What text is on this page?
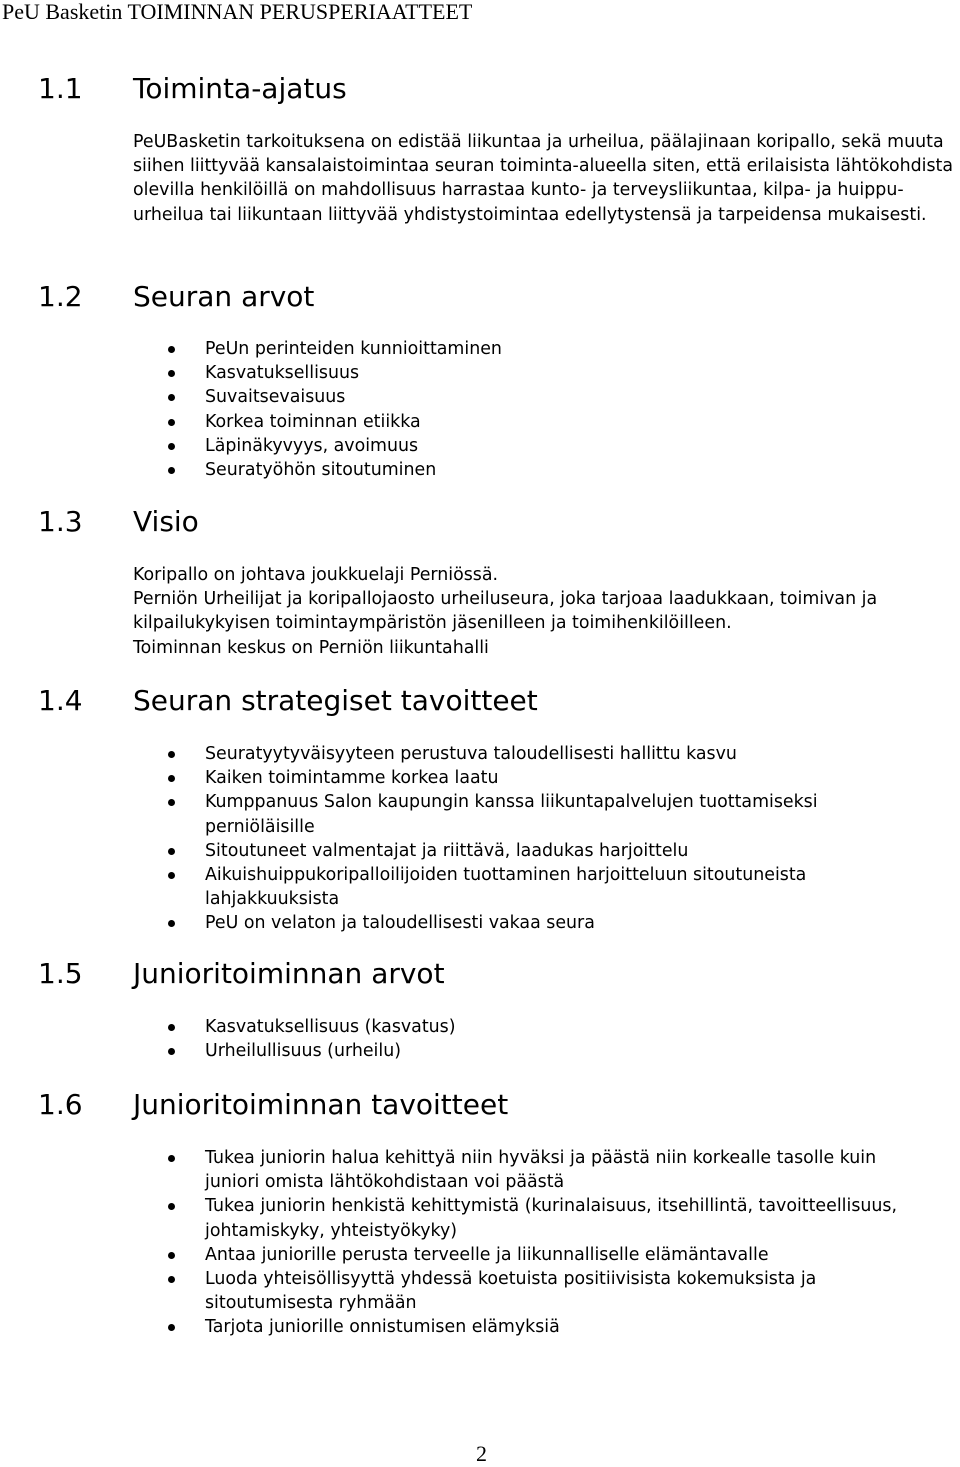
PeU Basketin TOIMINNAN PERUSPERIAATTEET
1.1 Toiminta-ajatus

PeUBasketin tarkoituksena on edistää liikuntaa ja urheilua, päälajinaan koripallo, sekä muuta siihen liittyvää kansalaistoimintaa seuran toiminta-alueella siten, että erilaisista lähtökohdista olevilla henkilöillä on mahdollisuus harrastaa kunto- ja terveysliikuntaa, kilpa- ja huippu-urheilua tai liikuntaan liittyvää yhdistystoimintaa edellytystensä ja tarpeidensa mukaisesti.

1.2 Seuran arvot
PeUn perinteiden kunnioittaminen
Kasvatuksellisuus
Suvaitsevaisuus
Korkea toiminnan etiikka
Läpinäkyvyys, avoimuus
Seuratyöhön sitoutuminen
1.3 Visio

Koripallo on johtava joukkuelaji Perniössä.

Perniön Urheilijat ja koripallojaosto urheiluseura, joka tarjoaa laadukkaan, toimivan ja kilpailukykyisen toimintaympäristön jäsenilleen ja toimihenkilöilleen.

Toiminnan keskus on Perniön liikuntahalli

1.4 Seuran strategiset tavoitteet
Seuratyytyväisyyteen perustuva taloudellisesti hallittu kasvu
Kaiken toimintamme korkea laatu
Kumppanuus Salon kaupungin kanssa liikuntapalvelujen tuottamiseksi perniöläisille
Sitoutuneet valmentajat ja riittävä, laadukas harjoittelu
Aikuishuippukoripalloilijoiden tuottaminen harjoitteluun sitoutuneista lahjakkuuksista
PeU on velaton ja taloudellisesti vakaa seura
1.5 Junioritoiminnan arvot
Kasvatuksellisuus (kasvatus)
Urheilullisuus (urheilu)
1.6 Junioritoiminnan tavoitteet
Tukea juniorin halua kehittyä niin hyväksi ja päästä niin korkealle tasolle kuin juniori omista lähtökohdistaan voi päästä
Tukea juniorin henkistä kehittymistä (kurinalaisuus, itsehillintä, tavoitteellisuus, johtamiskyky, yhteistyökyky)
Antaa juniorille perusta terveelle ja liikunnalliselle elämäntavalle
Luoda yhteisöllisyyttä yhdessä koetuista positiivisista kokemuksista ja sitoutumisesta ryhmään
Tarjota juniorille onnistumisen elämyksiä
2
